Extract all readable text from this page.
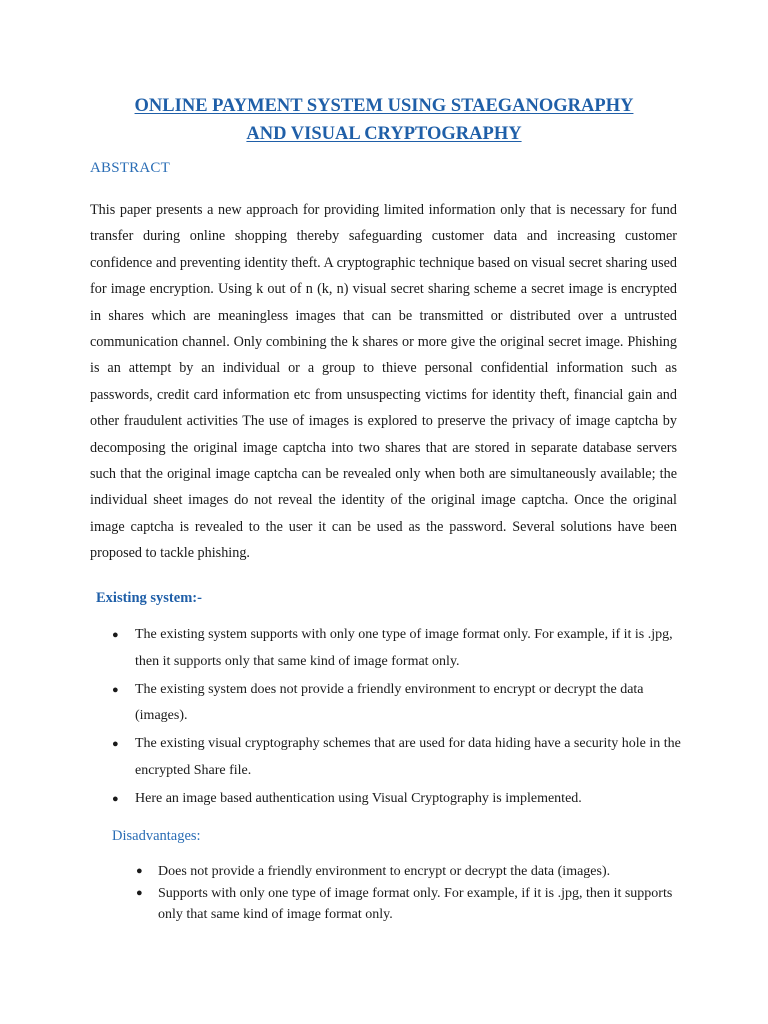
ONLINE PAYMENT SYSTEM USING STAEGANOGRAPHY
AND VISUAL CRYPTOGRAPHY
ABSTRACT

This paper presents a new approach for providing limited information only that is necessary for fund transfer during online shopping thereby safeguarding customer data and increasing customer confidence and preventing identity theft. A cryptographic technique based on visual secret sharing used for image encryption. Using k out of n (k, n) visual secret sharing scheme a secret image is encrypted in shares which are meaningless images that can be transmitted or distributed over a untrusted communication channel. Only combining the k shares or more give the original secret image. Phishing is an attempt by an individual or a group to thieve personal confidential information such as passwords, credit card information etc from unsuspecting victims for identity theft, financial gain and other fraudulent activities The use of images is explored to preserve the privacy of image captcha by decomposing the original image captcha into two shares that are stored in separate database servers such that the original image captcha can be revealed only when both are simultaneously available; the individual sheet images do not reveal the identity of the original image captcha. Once the original image captcha is revealed to the user it can be used as the password. Several solutions have been proposed to tackle phishing.

Existing system:-
● The existing system supports with only one type of image format only. For example, if it is .jpg, then it supports only that same kind of image format only.
● The existing system does not provide a friendly environment to encrypt or decrypt the data (images).
● The existing visual cryptography schemes that are used for data hiding have a security hole in the encrypted Share file.
● Here an image based authentication using Visual Cryptography is implemented.
Disadvantages:
● Does not provide a friendly environment to encrypt or decrypt the data (images).
● Supports with only one type of image format only. For example, if it is .jpg, then it supports only that same kind of image format only.
